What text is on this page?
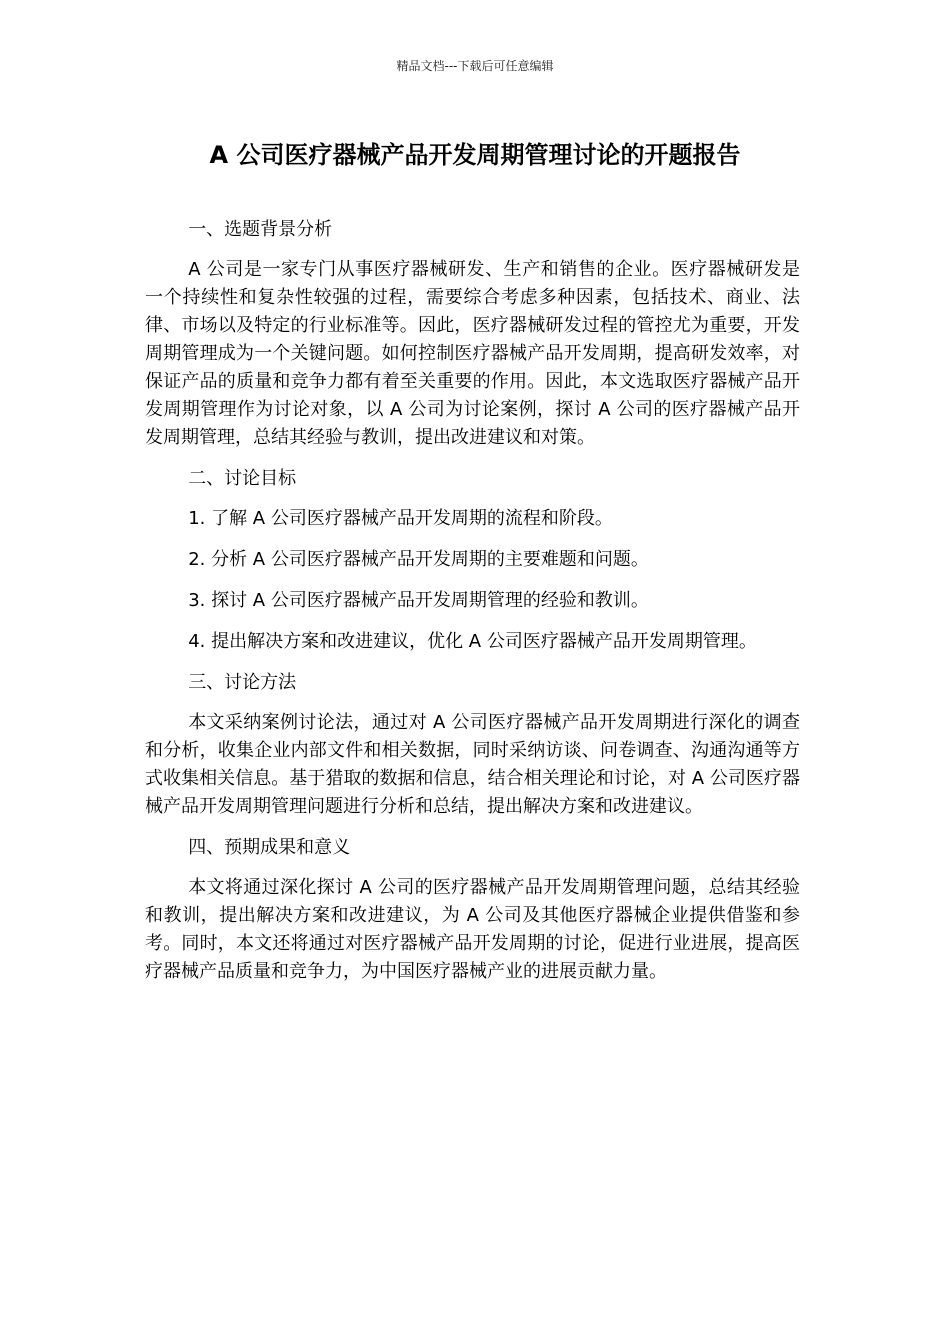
精品文档---下载后可任意编辑
A 公司医疗器械产品开发周期管理讨论的开题报告

一、选题背景分析

A 公司是一家专门从事医疗器械研发、生产和销售的企业。医疗器械研发是一个持续性和复杂性较强的过程，需要综合考虑多种因素，包括技术、商业、法律、市场以及特定的行业标准等。因此，医疗器械研发过程的管控尤为重要，开发周期管理成为一个关键问题。如何控制医疗器械产品开发周期，提高研发效率，对保证产品的质量和竞争力都有着至关重要的作用。因此，本文选取医疗器械产品开发周期管理作为讨论对象，以 A 公司为讨论案例，探讨 A 公司的医疗器械产品开发周期管理，总结其经验与教训，提出改进建议和对策。

二、讨论目标

1. 了解 A 公司医疗器械产品开发周期的流程和阶段。

2. 分析 A 公司医疗器械产品开发周期的主要难题和问题。

3. 探讨 A 公司医疗器械产品开发周期管理的经验和教训。

4. 提出解决方案和改进建议，优化 A 公司医疗器械产品开发周期管理。

三、讨论方法

本文采纳案例讨论法，通过对 A 公司医疗器械产品开发周期进行深化的调查和分析，收集企业内部文件和相关数据，同时采纳访谈、问卷调查、沟通沟通等方式收集相关信息。基于猎取的数据和信息，结合相关理论和讨论，对 A 公司医疗器械产品开发周期管理问题进行分析和总结，提出解决方案和改进建议。

四、预期成果和意义

本文将通过深化探讨 A 公司的医疗器械产品开发周期管理问题，总结其经验和教训，提出解决方案和改进建议，为 A 公司及其他医疗器械企业提供借鉴和参考。同时，本文还将通过对医疗器械产品开发周期的讨论，促进行业进展，提高医疗器械产品质量和竞争力，为中国医疗器械产业的进展贡献力量。
